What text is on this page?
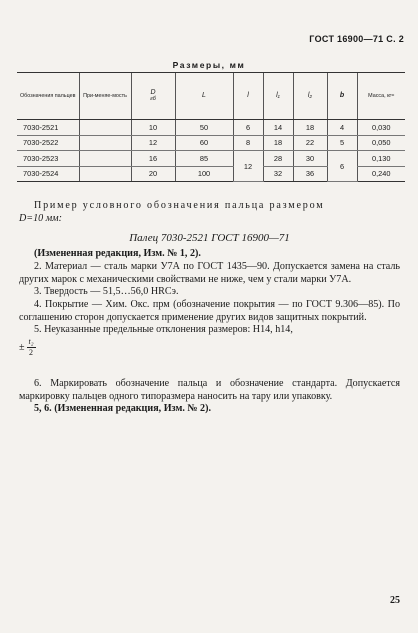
ГОСТ 16900—71 С. 2
Размеры, мм
Обозначения пальцев	При-меняе-мость	D
гб	L	l	l₁	l₂	b	Масса, кг≈
7030-2521		10	50	6	14	18	4	0,030
7030-2522		12	60	8	18	22	5	0,050
7030-2523		16	85	12	28	30	6	0,130
7030-2524		20	100		32	36		0,240

Пример условного обозначения пальца размером

D=10 мм:

Палец 7030-2521 ГОСТ 16900—71

(Измененная редакция, Изм. № 1, 2).

2. Материал — сталь марки У7А по ГОСТ 1435—90. Допускается замена на сталь других марок с механическими свойствами не ниже, чем у стали марки У7А.

3. Твердость — 51,5…56,0 HRCэ.

4. Покрытие — Хим. Окс. прм (обозначение покрытия — по ГОСТ 9.306—85). По соглашению сторон допускается применение других видов защитных покрытий.

5. Неуказанные предельные отклонения размеров: H14, h14,

± $\frac{\text{t₂}}{2}$

6. Маркировать обозначение пальца и обозначение стандарта. Допускается маркировку пальцев одного типоразмера наносить на тару или упаковку.

5, 6. (Измененная редакция, Изм. № 2).

25
